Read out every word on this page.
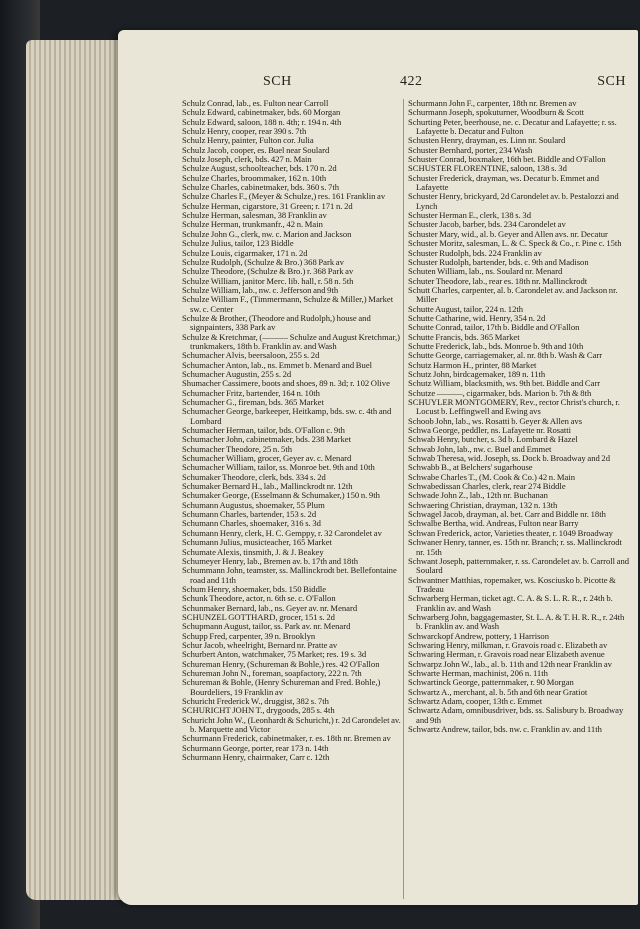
SCH	422	SCH

Schulz Conrad, lab., es. Fulton near Carroll

Schulz Edward, cabinetmaker, bds. 60 Morgan

Schulz Edward, saloon, 188 n. 4th; r. 194 n. 4th

Schulz Henry, cooper, rear 390 s. 7th

Schulz Henry, painter, Fulton cor. Julia

Schulz Jacob, cooper, es. Buel near Soulard

Schulz Joseph, clerk, bds. 427 n. Main

Schulze August, schoolteacher, bds. 170 n. 2d

Schulze Charles, broommaker, 162 n. 10th

Schulze Charles, cabinetmaker, bds. 360 s. 7th

Schulze Charles F., (Meyer & Schulze,) res. 161 Franklin av

Schulze Herman, cigarstore, 31 Green; r. 171 n. 2d

Schulze Herman, salesman, 38 Franklin av

Schulze Herman, trunkmanfr., 42 n. Main

Schulze John G., clerk, nw. c. Marion and Jackson

Schulze Julius, tailor, 123 Biddle

Schulze Louis, cigarmaker, 171 n. 2d

Schulze Rudolph, (Schulze & Bro.) 368 Park av

Schulze Theodore, (Schulze & Bro.) r. 368 Park av

Schulze William, janitor Merc. lib. hall, r. 58 n. 5th

Schulze William, lab., nw. c. Jefferson and 9th

Schulze William F., (Timmermann, Schulze & Miller,) Market sw. c. Center

Schulze & Brother, (Theodore and Rudolph,) house and signpainters, 338 Park av

Schulze & Kretchmar, (——— Schulze and August Kretchmar,) trunkmakers, 18th b. Franklin av. and Wash

Schumacher Alvis, beersaloon, 255 s. 2d

Schumacher Anton, lab., ns. Emmet b. Menard and Buel

Schumacher Augustin, 255 s. 2d

Shumacher Cassimere, boots and shoes, 89 n. 3d; r. 102 Olive

Schumacher Fritz, bartender, 164 n. 10th

Schumacher G., fireman, bds. 365 Market

Schumacher George, barkeeper, Heitkamp, bds. sw. c. 4th and Lombard

Schumacher Herman, tailor, bds. O'Fallon c. 9th

Schumacher John, cabinetmaker, bds. 238 Market

Schumacher Theodore, 25 n. 5th

Schumacher William, grocer, Geyer av. c. Menard

Schumacher William, tailor, ss. Monroe bet. 9th and 10th

Schumaker Theodore, clerk, bds. 334 s. 2d

Schumaker Bernard H., lab., Mallinckrodt nr. 12th

Schumaker George, (Esselmann & Schumaker,) 150 n. 9th

Schumann Augustus, shoemaker, 55 Plum

Schumann Charles, bartender, 153 s. 2d

Schumann Charles, shoemaker, 316 s. 3d

Schumann Henry, clerk, H. C. Gemppy, r. 32 Carondelet av

Schumann Julius, musicteacher, 165 Market

Schumate Alexis, tinsmith, J. & J. Beakey

Schumeyer Henry, lab., Bremen av. b. 17th and 18th

Schummann John, teamster, ss. Mallinckrodt bet. Bellefontaine road and 11th

Schum Henry, shoemaker, bds. 150 Biddle

Schunk Theodore, actor, n. 6th se. c. O'Fallon

Schunmaker Bernard, lab., ns. Geyer av. nr. Menard

SCHUNZEL GOTTHARD, grocer, 151 s. 2d

Schupmann August, tailor, ss. Park av. nr. Menard

Schupp Fred, carpenter, 39 n. Brooklyn

Schur Jacob, wheelright, Bernard nr. Pratte av

Schurbert Anton, watchmaker, 75 Market; res. 19 s. 3d

Schureman Henry, (Schureman & Bohle,) res. 42 O'Fallon

Schureman John N., foreman, soapfactory, 222 n. 7th

Schureman & Bohle, (Henry Schureman and Fred. Bohle,) Bourdeliers, 19 Franklin av

Schuricht Frederick W., druggist, 382 s. 7th

SCHURICHT JOHN T., drygoods, 285 s. 4th

Schuricht John W., (Leonhardt & Schuricht,) r. 2d Carondelet av. b. Marquette and Victor

Schurmann Frederick, cabinetmaker, r. es. 18th nr. Bremen av

Schurmann George, porter, rear 173 n. 14th

Schurmann Henry, chairmaker, Carr c. 12th

Schurmann John F., carpenter, 18th nr. Bremen av

Schurmann Joseph, spokuturner, Woodburn & Scott

Schurting Peter, beerhouse, ne. c. Decatur and Lafayette; r. ss. Lafayette b. Decatur and Fulton

Schusten Henry, drayman, es. Linn nr. Soulard

Schuster Bernhard, porter, 234 Wash

Schuster Conrad, boxmaker, 16th bet. Biddle and O'Fallon

SCHUSTER FLORENTINE, saloon, 138 s. 3d

Schuster Frederick, drayman, ws. Decatur b. Emmet and Lafayette

Schuster Henry, brickyard, 2d Carondelet av. b. Pestalozzi and Lynch

Schuster Herman E., clerk, 138 s. 3d

Schuster Jacob, barber, bds. 234 Carondelet av

Schuster Mary, wid., al. b. Geyer and Allen avs. nr. Decatur

Schuster Moritz, salesman, L. & C. Speck & Co., r. Pine c. 15th

Schuster Rudolph, bds. 224 Franklin av

Schuster Rudolph, bartender, bds. c. 9th and Madison

Schuten William, lab., ns. Soulard nr. Menard

Schuter Theodore, lab., rear es. 18th nr. Mallinckrodt

Schutt Charles, carpenter, al. b. Carondelet av. and Jackson nr. Miller

Schutte August, tailor, 224 n. 12th

Schutte Catharine, wid. Henry, 354 n. 2d

Schutte Conrad, tailor, 17th b. Biddle and O'Fallon

Schutte Francis, bds. 365 Market

Schutte Frederick, lab., bds. Monroe b. 9th and 10th

Schutte George, carriagemaker, al. nr. 8th b. Wash & Carr

Schutz Harmon H., printer, 88 Market

Schutz John, birdcagemaker, 189 n. 11th

Schutz William, blacksmith, ws. 9th bet. Biddle and Carr

Schutze ———, cigarmaker, bds. Marion b. 7th & 8th

SCHUYLER MONTGOMERY, Rev., rector Christ's church, r. Locust b. Leffingwell and Ewing avs

Schoob John, lab., ws. Rosatti b. Geyer & Allen avs

Schwa George, peddler, ns. Lafayette nr. Rosatti

Schwab Henry, butcher, s. 3d b. Lombard & Hazel

Schwab John, lab., nw. c. Buel and Emmet

Schwab Theresa, wid. Joseph, ss. Dock b. Broadway and 2d

Schwabb B., at Belchers' sugarhouse

Schwabe Charles T., (M. Cook & Co.) 42 n. Main

Schwabedissan Charles, clerk, rear 274 Biddle

Schwade John Z., lab., 12th nr. Buchanan

Schwaering Christian, drayman, 132 n. 13th

Schwagel Jacob, drayman, al. bet. Carr and Biddle nr. 18th

Schwalbe Bertha, wid. Andreas, Fulton near Barry

Schwan Frederick, actor, Varieties theater, r. 1049 Broadway

Schwaner Henry, tanner, es. 15th nr. Branch; r. ss. Mallinckrodt nr. 15th

Schwant Joseph, patternmaker, r. ss. Carondelet av. b. Carroll and Soulard

Schwantner Matthias, ropemaker, ws. Kosciusko b. Picotte & Tradeau

Schwarberg Herman, ticket agt. C. A. & S. L. R. R., r. 24th b. Franklin av. and Wash

Schwarberg John, baggagemaster, St. L. A. & T. H. R. R., r. 24th b. Franklin av. and Wash

Schwarckopf Andrew, pottery, 1 Harrison

Schwaring Henry, milkman, r. Gravois road c. Elizabeth av

Schwaring Herman, r. Gravois road near Elizabeth avenue

Schwarpz John W., lab., al. b. 11th and 12th near Franklin av

Schwarte Herman, machinist, 206 n. 11th

Schwartinck George, patternmaker, r. 90 Morgan

Schwartz A., merchant, al. b. 5th and 6th near Gratiot

Schwartz Adam, cooper, 13th c. Emmet

Schwartz Adam, omnibusdriver, bds. ss. Salisbury b. Broadway and 9th

Schwartz Andrew, tailor, bds. nw. c. Franklin av. and 11th
